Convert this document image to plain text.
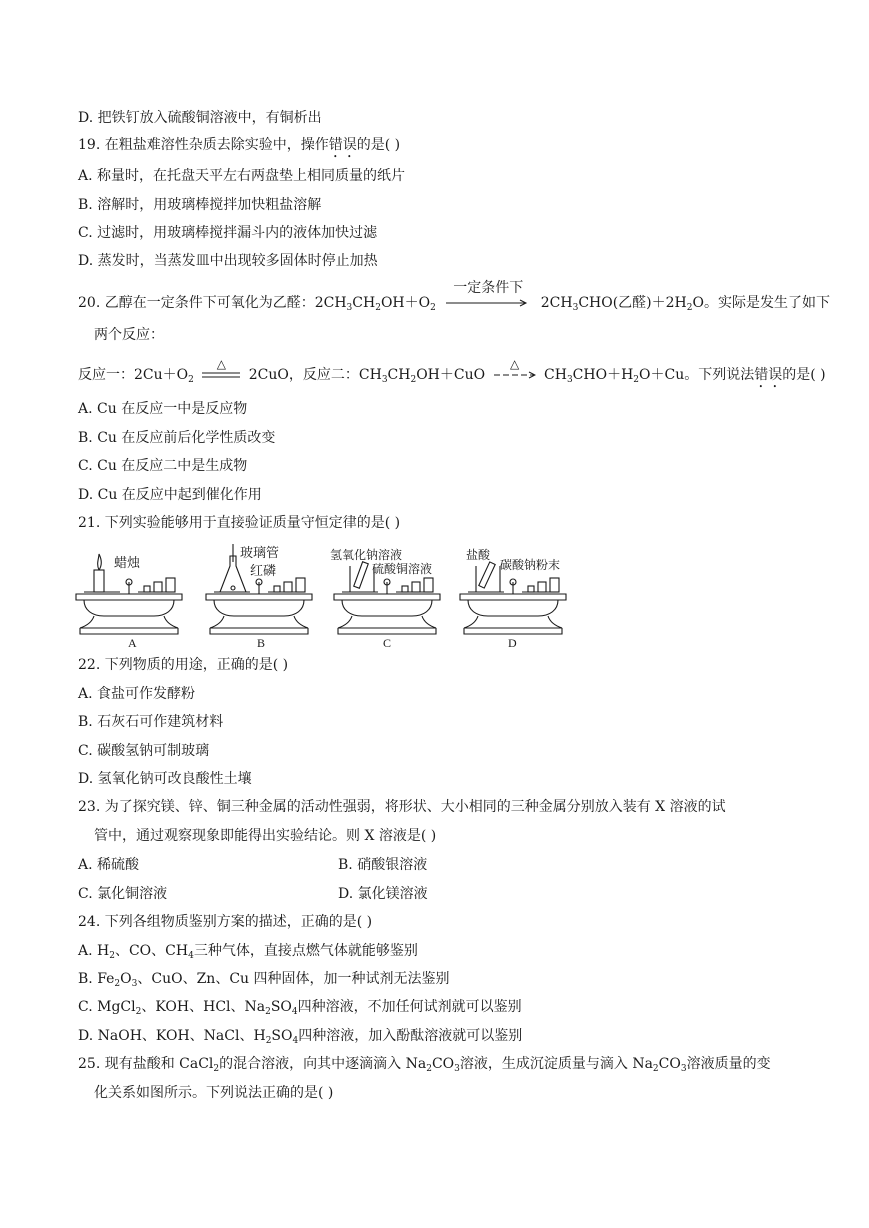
D. 把铁钉放入硫酸铜溶液中，有铜析出
19. 在粗盐难溶性杂质去除实验中，操作错误的是( )
A. 称量时，在托盘天平左右两盘垫上相同质量的纸片
B. 溶解时，用玻璃棒搅拌加快粗盐溶解
C. 过滤时，用玻璃棒搅拌漏斗内的液体加快过滤
D. 蒸发时，当蒸发皿中出现较多固体时停止加热
20. 乙醇在一定条件下可氧化为乙醛：$2CH_3CH_2OH+O_2$
一定条件下
$2CH_3CHO$(乙醛)$+2H_2O$。实际是发生了如下
两个反应：
反应一：$2Cu+O_2$
△
2CuO，反应二：$CH_3CH_2OH+CuO$
△
$CH_3CHO+H_2O+Cu$。下列说法错误的是( )
A. Cu 在反应一中是反应物
B. Cu 在反应前后化学性质改变
C. Cu 在反应二中是生成物
D. Cu 在反应中起到催化作用
21. 下列实验能够用于直接验证质量守恒定律的是( )
蜡烛
玻璃管
红磷
氢氧化钠溶液
硫酸铜溶液
盐酸
碳酸钠粉末
A	B	C	D
22. 下列物质的用途，正确的是( )
A. 食盐可作发酵粉
B. 石灰石可作建筑材料
C. 碳酸氢钠可制玻璃
D. 氢氧化钠可改良酸性土壤
23. 为了探究镁、锌、铜三种金属的活动性强弱，将形状、大小相同的三种金属分别放入装有 X 溶液的试
管中，通过观察现象即能得出实验结论。则 X 溶液是( )
A. 稀硫酸	B. 硝酸银溶液
C. 氯化铜溶液	D. 氯化镁溶液
24. 下列各组物质鉴别方案的描述，正确的是( )
A. $H_2$、CO、$CH_4$三种气体，直接点燃气体就能够鉴别
B. $Fe_2O_3$、CuO、Zn、Cu 四种固体，加一种试剂无法鉴别
C. MgCl$_2$、KOH、HCl、$Na_2SO_4$四种溶液，不加任何试剂就可以鉴别
D. NaOH、KOH、NaCl、$H_2SO_4$四种溶液，加入酚酞溶液就可以鉴别
25. 现有盐酸和 CaCl$_2$的混合溶液，向其中逐滴滴入 $Na_2CO_3$溶液，生成沉淀质量与滴入 $Na_2CO_3$溶液质量的变
化关系如图所示。下列说法正确的是( )
